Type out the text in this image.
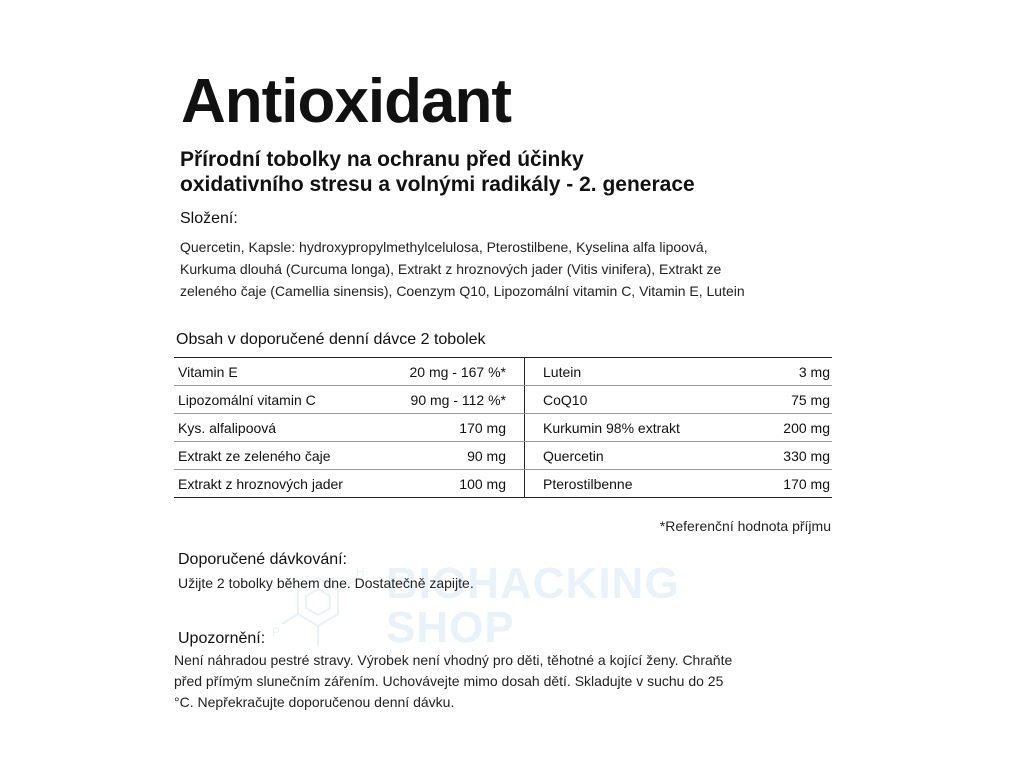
H
P
BIOHACKING
SHOP
Antioxidant
Přírodní tobolky na ochranu před účinky
oxidativního stresu a volnými radikály - 2. generace
Složení:
Quercetin, Kapsle: hydroxypropylmethylcelulosa, Pterostilbene, Kyselina alfa lipoová,
Kurkuma dlouhá (Curcuma longa), Extrakt z hroznových jader (Vitis vinifera), Extrakt ze
zeleného čaje (Camellia sinensis), Coenzym Q10, Lipozomální vitamin C, Vitamin E, Lutein
Obsah v doporučené denní dávce 2 tobolek
Vitamin E	20 mg - 167 %*		Lutein	3 mg
Lipozomální vitamin C	90 mg - 112 %*		CoQ10	75 mg
Kys. alfalipoová	170 mg		Kurkumin 98% extrakt	200 mg
Extrakt ze zeleného čaje	90 mg		Quercetin	330 mg
Extrakt z hroznových jader	100 mg		Pterostilbenne	170 mg
*Referenční hodnota příjmu
Doporučené dávkování:
Užijte 2 tobolky během dne. Dostatečně zapijte.
Upozornění:
Není náhradou pestré stravy. Výrobek není vhodný pro děti, těhotné a kojící ženy. Chraňte
před přímým slunečním zářením. Uchovávejte mimo dosah dětí. Skladujte v suchu do 25
°C. Nepřekračujte doporučenou denní dávku.
